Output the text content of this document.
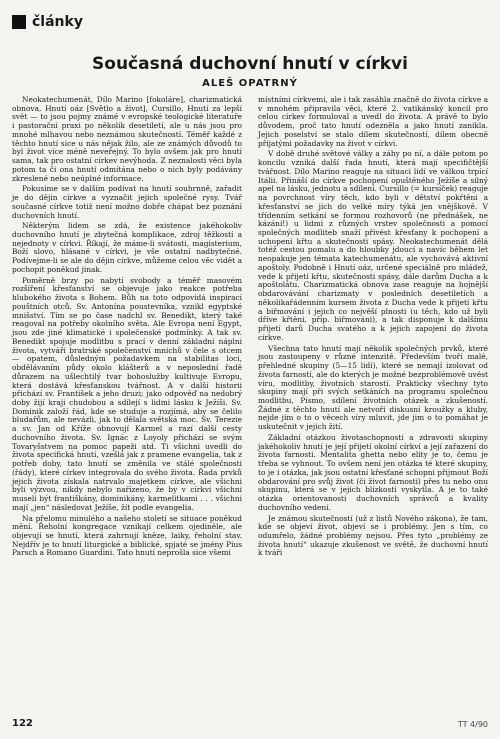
články
Současná duchovní hnutí v církvi
ALEŠ OPATRNÝ

Neokatechumenát, Dílo Marino [fokoláre], charizmatická obnova, Hnutí oáz [Světlo a život], Cursillo, Hnutí za lepší svět — to jsou pojmy známé v evropské teologické literatuře i pastorační praxi po několik desetiletí, ale u nás jsou pro mnohé mlhavou nebo neznámou skutečností. Téměř každé z těchto hnutí sice u nás nějak žilo, ale ze známých důvodů to byl život více méně neveřejný. To bylo ovšem jak pro hnutí sama, tak pro ostatní církev nevýhoda. Z neznalosti věci byla potom ta či ona hnutí odmítána nebo o nich byly podávány zkreslené nebo neúplné informace.

Pokusíme se v dalším podívat na hnutí souhrnně, zařadit je do dějin církve a vyznačit jejich společné rysy. Tvář současné církve totiž není možno dobře chápat bez poznání duchovních hnutí.

Některým lidem se zdá, že existence jakéhokoliv duchovního hnutí je zbytečná komplikace, zdroj těžkostí a nejednoty v církvi. Říkají, že máme-li svátosti, magisterium, Boží slovo, hlásané v církvi, je vše ostatní nadbytečné. Podívejme-li se ale do dějin církve, můžeme celou věc vidět a pochopit poněkud jinak.

Poměrně brzy po nabytí svobody a téměř masovém rozšíření křesťanství se objevuje jako reakce potřeba hlubokého života s Bohem. Bůh na toto odpovídá inspirací pouštních otců. Sv. Antonína poustevníka, vznikl egyptské mnišství. Tím se po čase nadchl sv. Benedikt, který také reagoval na potřeby okolního světa. Ale Evropa není Egypt, jsou zde jiné klimatické i společenské podmínky. A tak sv. Benedikt spojuje modlitbu s prací v denní základní náplni života, vytváří bratrské společenství mnichů v čele s otcem — opatem, důsledným požadavkem na stabilitas loci, obdělávaním půdy okolo klášterů a v neposlední řadě důrazem na ušlechtilý tvar bohoslužby kultivuje Evropu, která dostává křesťanskou tvářnost. A v další historii přichází sv. František a jeho druzi; jako odpověď na nedobrý doby žijí kraji chudobou a sdílejí s lidmi lásku k Ježíši. Sv. Dominik založí řád, kde se studuje a rozjímá, aby se čelilo bludařům, ale nevázli, jak to dělala světská moc. Sv. Terezie a sv. Jan od Kříže obnovují Karmel a razí další cesty duchovního života. Sv. Ignác z Loyoly přichází se svým Tovaryšstvem na pomoc papeži atd. Ti všichni uvedli do života specifická hnutí, vzešlá jak z pramene evangelia, tak z potřeb doby, tato hnutí se změnila ve stálé společnosti (řády), které církev integrovala do svého života. Řada prvků jejich života získala natrvalo majetkem církve, ale všichni byli výzvou, nikdy nebylo nařízeno, že by v církvi všichni museli být františkány, dominikány, karmelitkami . . . všichni mají „jen“ následovat Ježíše, žít podle evangelia.

Na přelomu minulého a našeho století se situace poněkud mění. Řeholní kongregace vznikají celkem ojediněle, ale objevují se hnutí, která zahrnují kněze, laiky, řeholní stav. Nejdřív je to hnutí liturgické a biblické, spjaté se jmény Pius Parsch a Romano Guardini. Tato hnutí neprošla sice všemi

místními církvemi, ale i tak zasáhla značně do života církve a v mnohém připravila věci, které 2. vatikánský koncil pro celou církev formuloval a uvedl do života. A právě to bylo důvodem, proč tato hnutí odezněla a jako hnutí zanikla. Jejich poselství se stalo dílem skutečností, dílem obecně přijatými požadavky na život v církvi.

V době druhé světové války a záhy po ní, a dále potom po koncilu vzniká další řada hnutí, která mají specifičtější tvářnost. Dílo Marino reaguje na situaci lidí ve válkou trpící Itálii. Přináší do církve pochopení opuštěného Ježíše a silný apel na lásku, jednotu a sdílení. Cursillo (= kursíček) reaguje na povrchnost víry těch, kdo byli v dětství pokřtěni a křesťanství se jich do velké míry týká jen vnějškově. V třídenním setkání se formou rozhovorů (ne přednášek, ne kázání!) u lidmi z různých vrstev společnosti a pomocí společných modliteb snaží přivést křesťany k pochopení a uchopení křtu a skutečnosti spásy. Neokatechumenát dělá totéž cestou pomalu a do hloubky jdoucí a navíc během let neopakuje jen témata katechumenátu, ale vychovává aktivní apoštoly. Podobně i Hnutí oáz, určené speciálně pro mládež, vede k přijetí křtu, skutečnosti spásy, dále darům Ducha a k apoštolátu. Charizmatická obnova zase reaguje na hojnější obdarovávání charizmaty v posledních desetiletích a několikařádenním kursem života z Ducha vede k přijetí křtu a biřmování i jejich co nejvěší plnosti (u těch, kdo už byli dříve křtěni, příp. biřmováni), a tak disponuje k dalšímu přijetí darů Ducha svatého a k jejich zapojení do života církve.

Všechna tato hnutí mají několik společných prvků, které jsou zastoupeny v různé intenzitě. Především tvoří malé, přehledné skupiny (5—15 lidí), které se nemají izolovat od života farností, ale do kterých je možné bezproblémově uvést víru, modlitby, životních starostí. Prakticky všechny tyto skupiny mají při svých setkáních na programu společnou modlitbu, Písmo, sdílení životních otázek a zkušeností. Žádné z těchto hnutí ale netvoří diskusní kroužky a kluby, nejde jim o to o věcech víry mluvit, jde jim o to pomáhat je uskutečnit v jejich žití.

Základní otázkou životaschopnosti a zdravosti skupiny jakéhokoliv hnutí je její přijetí okolní církví a její zařazení do života farnosti. Mentalita ghetta nebo elity je to, čemu je třeba se vyhnout. To ovšem není jen otázka té které skupiny, to je i otázka, jak jsou ostatní křesťané schopni přijmout Boží obdarování pro svůj život (či život farnosti) přes tu nebo onu skupinu, která se v jejich blízkosti vyskytla. A je to také otázka orientovanosti duchovních správců a kvality duchovního vedení.

Je známou skutečností (už z listů Nového zákona), že tam, kde se objeví život, objeví se i problémy. Jen s tím, co odumřelo, žádné problémy nejsou. Přes tyto „problémy ze života hnutí“ ukazuje zkušenost ve světě, že duchovní hnutí k tváři

122	TT 4/90
